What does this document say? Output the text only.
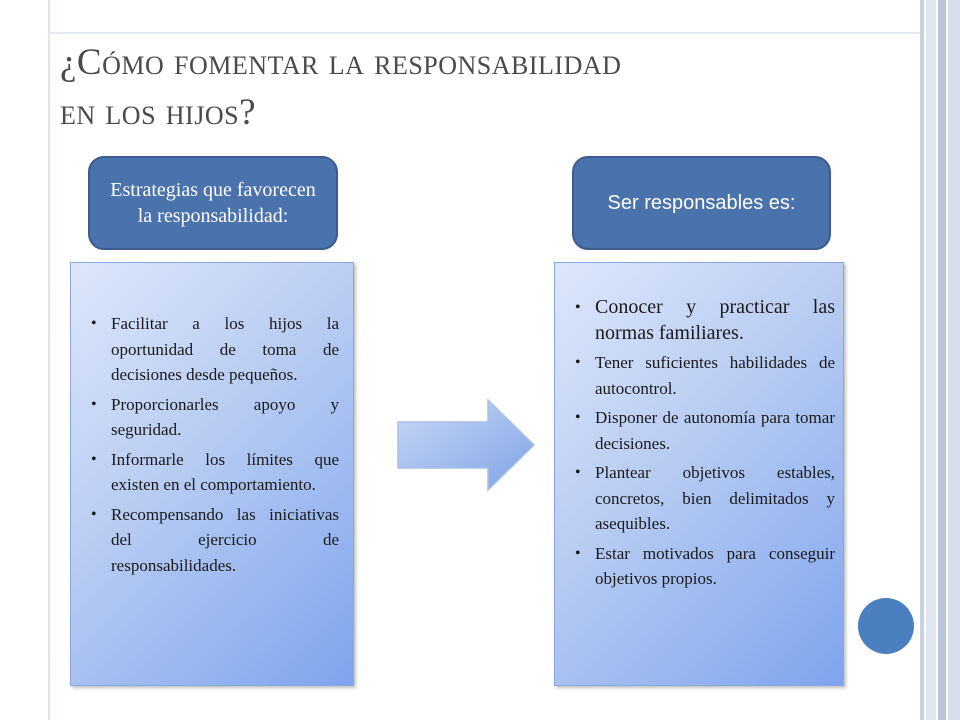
¿Cómo fomentar la responsabilidad
en los hijos?
Estrategias que favorecen la responsabilidad:
Ser responsables es:
• Facilitar a los hijos la oportunidad de toma de decisiones desde pequeños.
• Proporcionarles apoyo y seguridad.
• Informarle los límites que existen en el comportamiento.
• Recompensando las iniciativas del ejercicio de responsabilidades.
• Conocer y practicar las normas familiares.
• Tener suficientes habilidades de autocontrol.
• Disponer de autonomía para tomar decisiones.
• Plantear objetivos estables, concretos, bien delimitados y asequibles.
• Estar motivados para conseguir objetivos propios.
